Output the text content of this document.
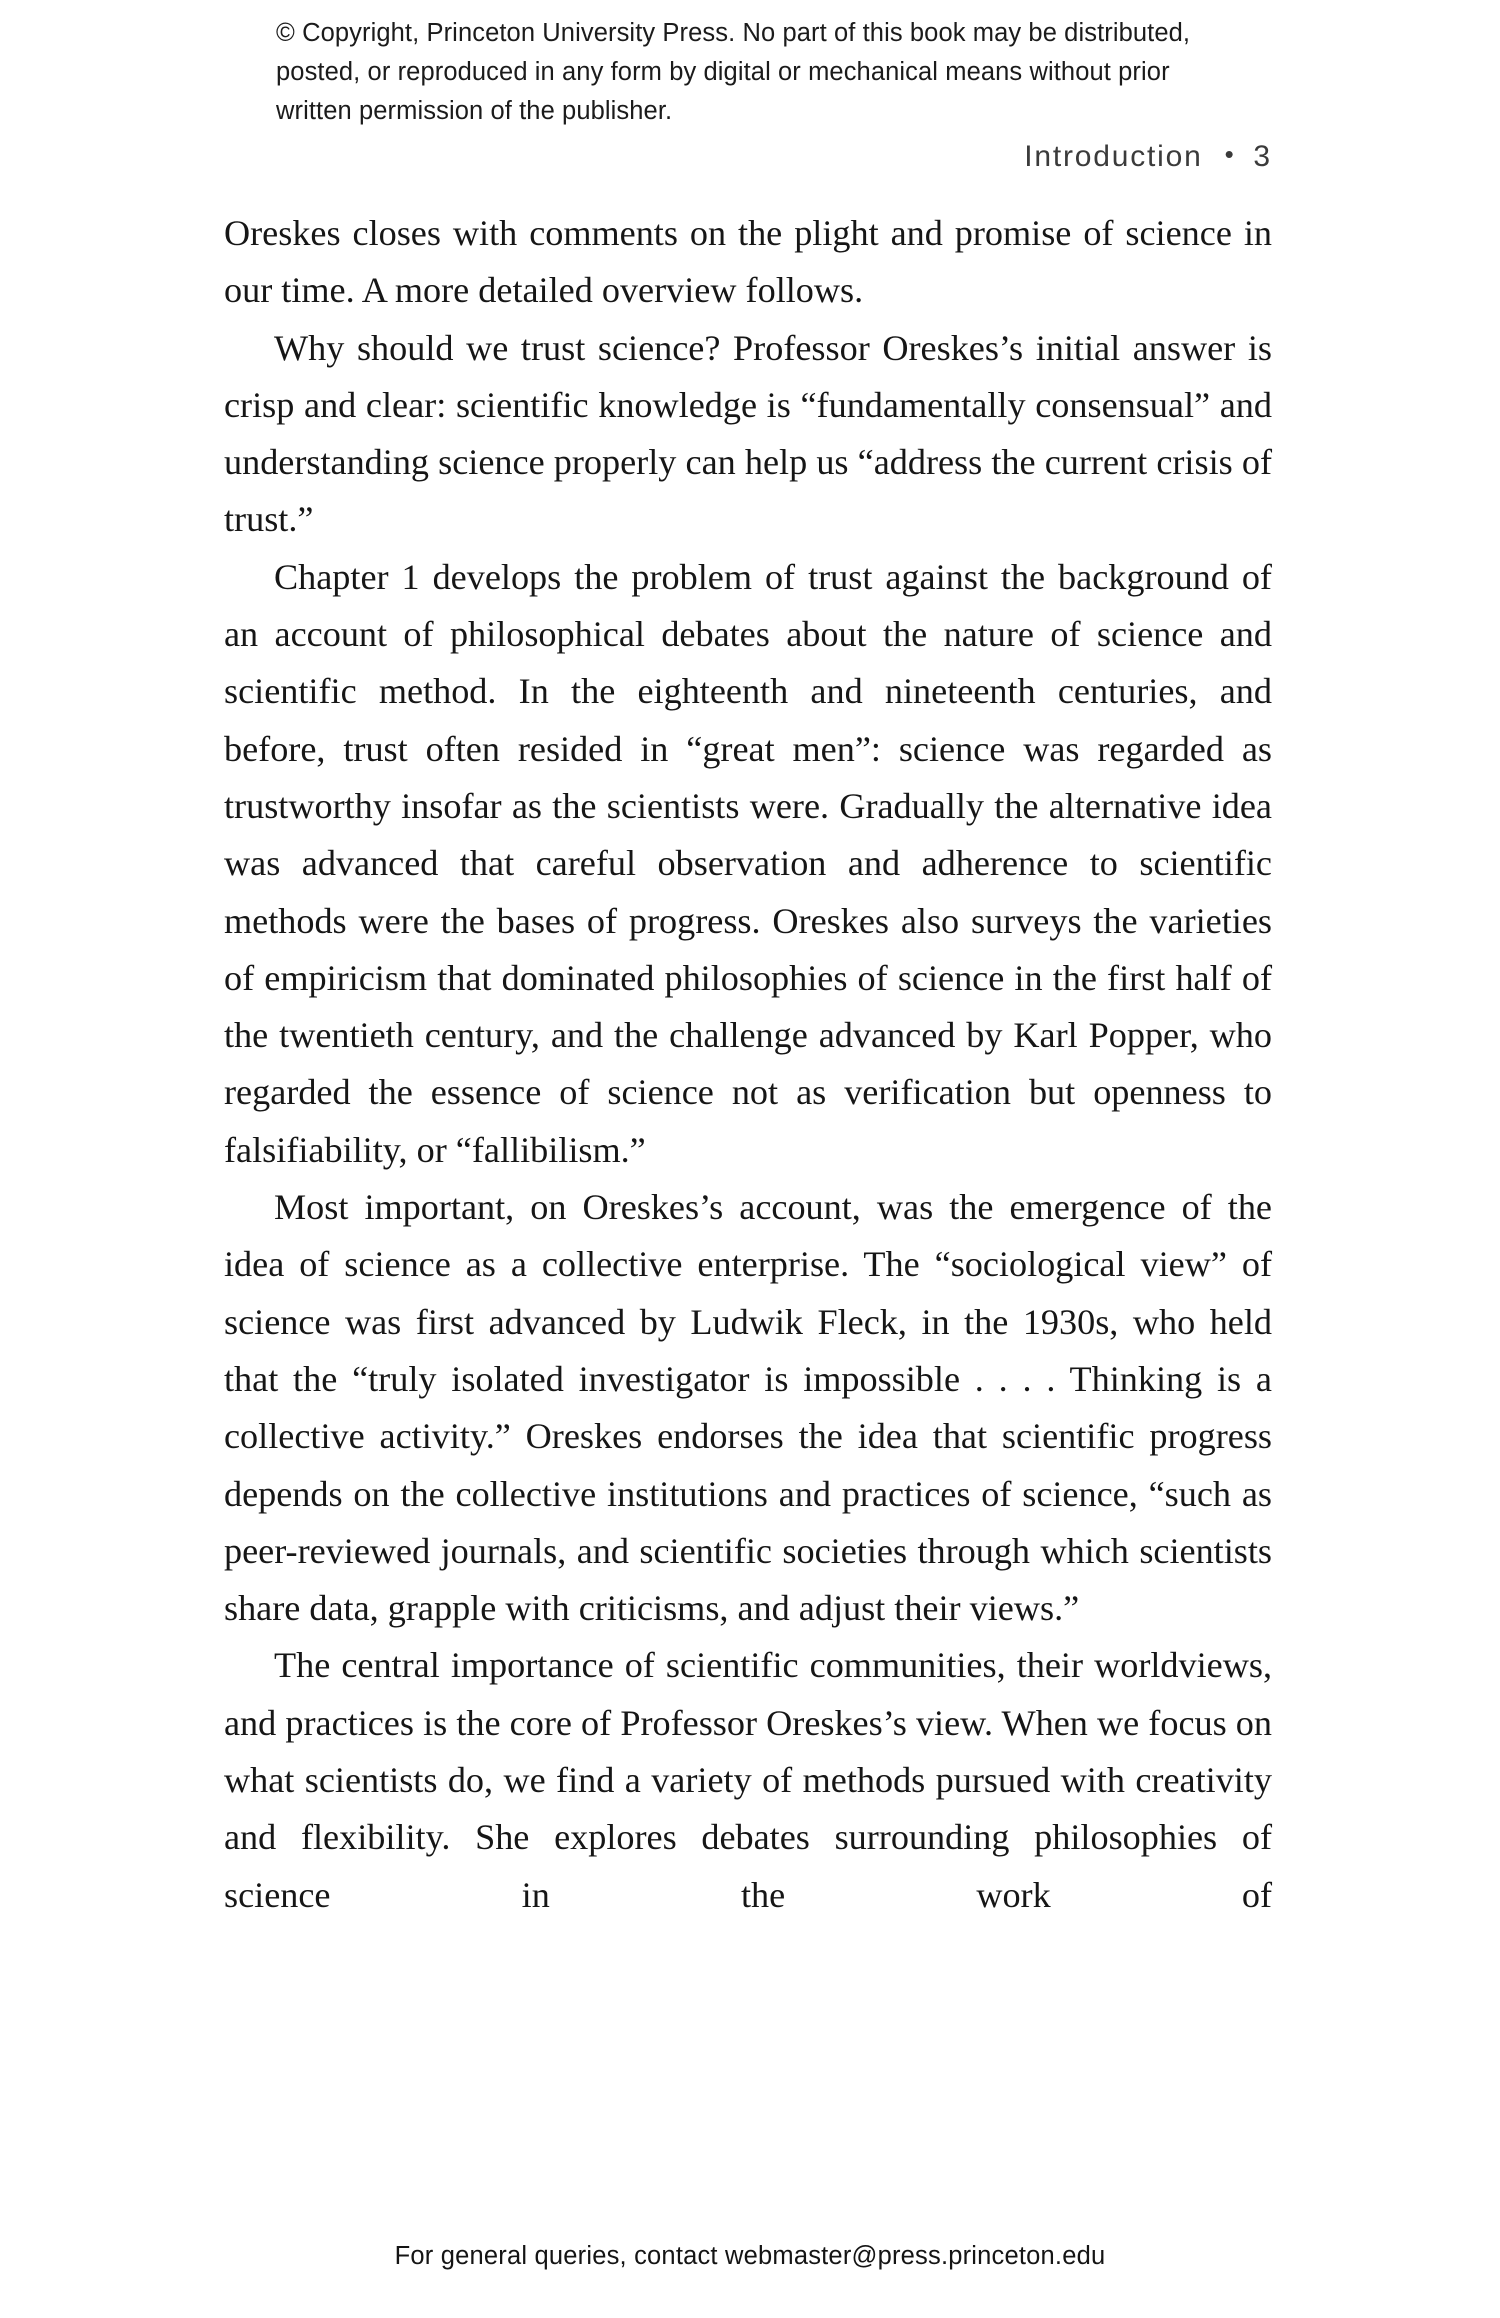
© Copyright, Princeton University Press. No part of this book may be distributed, posted, or reproduced in any form by digital or mechanical means without prior written permission of the publisher.
Introduction • 3

Oreskes closes with comments on the plight and promise of science in our time. A more detailed overview follows.

Why should we trust science? Professor Oreskes’s initial answer is crisp and clear: scientific knowledge is “fundamentally consensual” and understanding science properly can help us “address the current crisis of trust.”

Chapter 1 develops the problem of trust against the background of an account of philosophical debates about the nature of science and scientific method. In the eighteenth and nineteenth centuries, and before, trust often resided in “great men”: science was regarded as trustworthy insofar as the scientists were. Gradually the alternative idea was advanced that careful observation and adherence to scientific methods were the bases of progress. Oreskes also surveys the varieties of empiricism that dominated philosophies of science in the first half of the twentieth century, and the challenge advanced by Karl Popper, who regarded the essence of science not as verification but openness to falsifiability, or “fallibilism.”

Most important, on Oreskes’s account, was the emergence of the idea of science as a collective enterprise. The “sociological view” of science was first advanced by Ludwik Fleck, in the 1930s, who held that the “truly isolated investigator is impossible . . . . Thinking is a collective activity.” Oreskes endorses the idea that scientific progress depends on the collective institutions and practices of science, “such as peer-reviewed journals, and scientific societies through which scientists share data, grapple with criticisms, and adjust their views.”

The central importance of scientific communities, their worldviews, and practices is the core of Professor Oreskes’s view. When we focus on what scientists do, we find a variety of methods pursued with creativity and flexibility. She explores debates surrounding philosophies of science in the work of

For general queries, contact webmaster@press.princeton.edu
